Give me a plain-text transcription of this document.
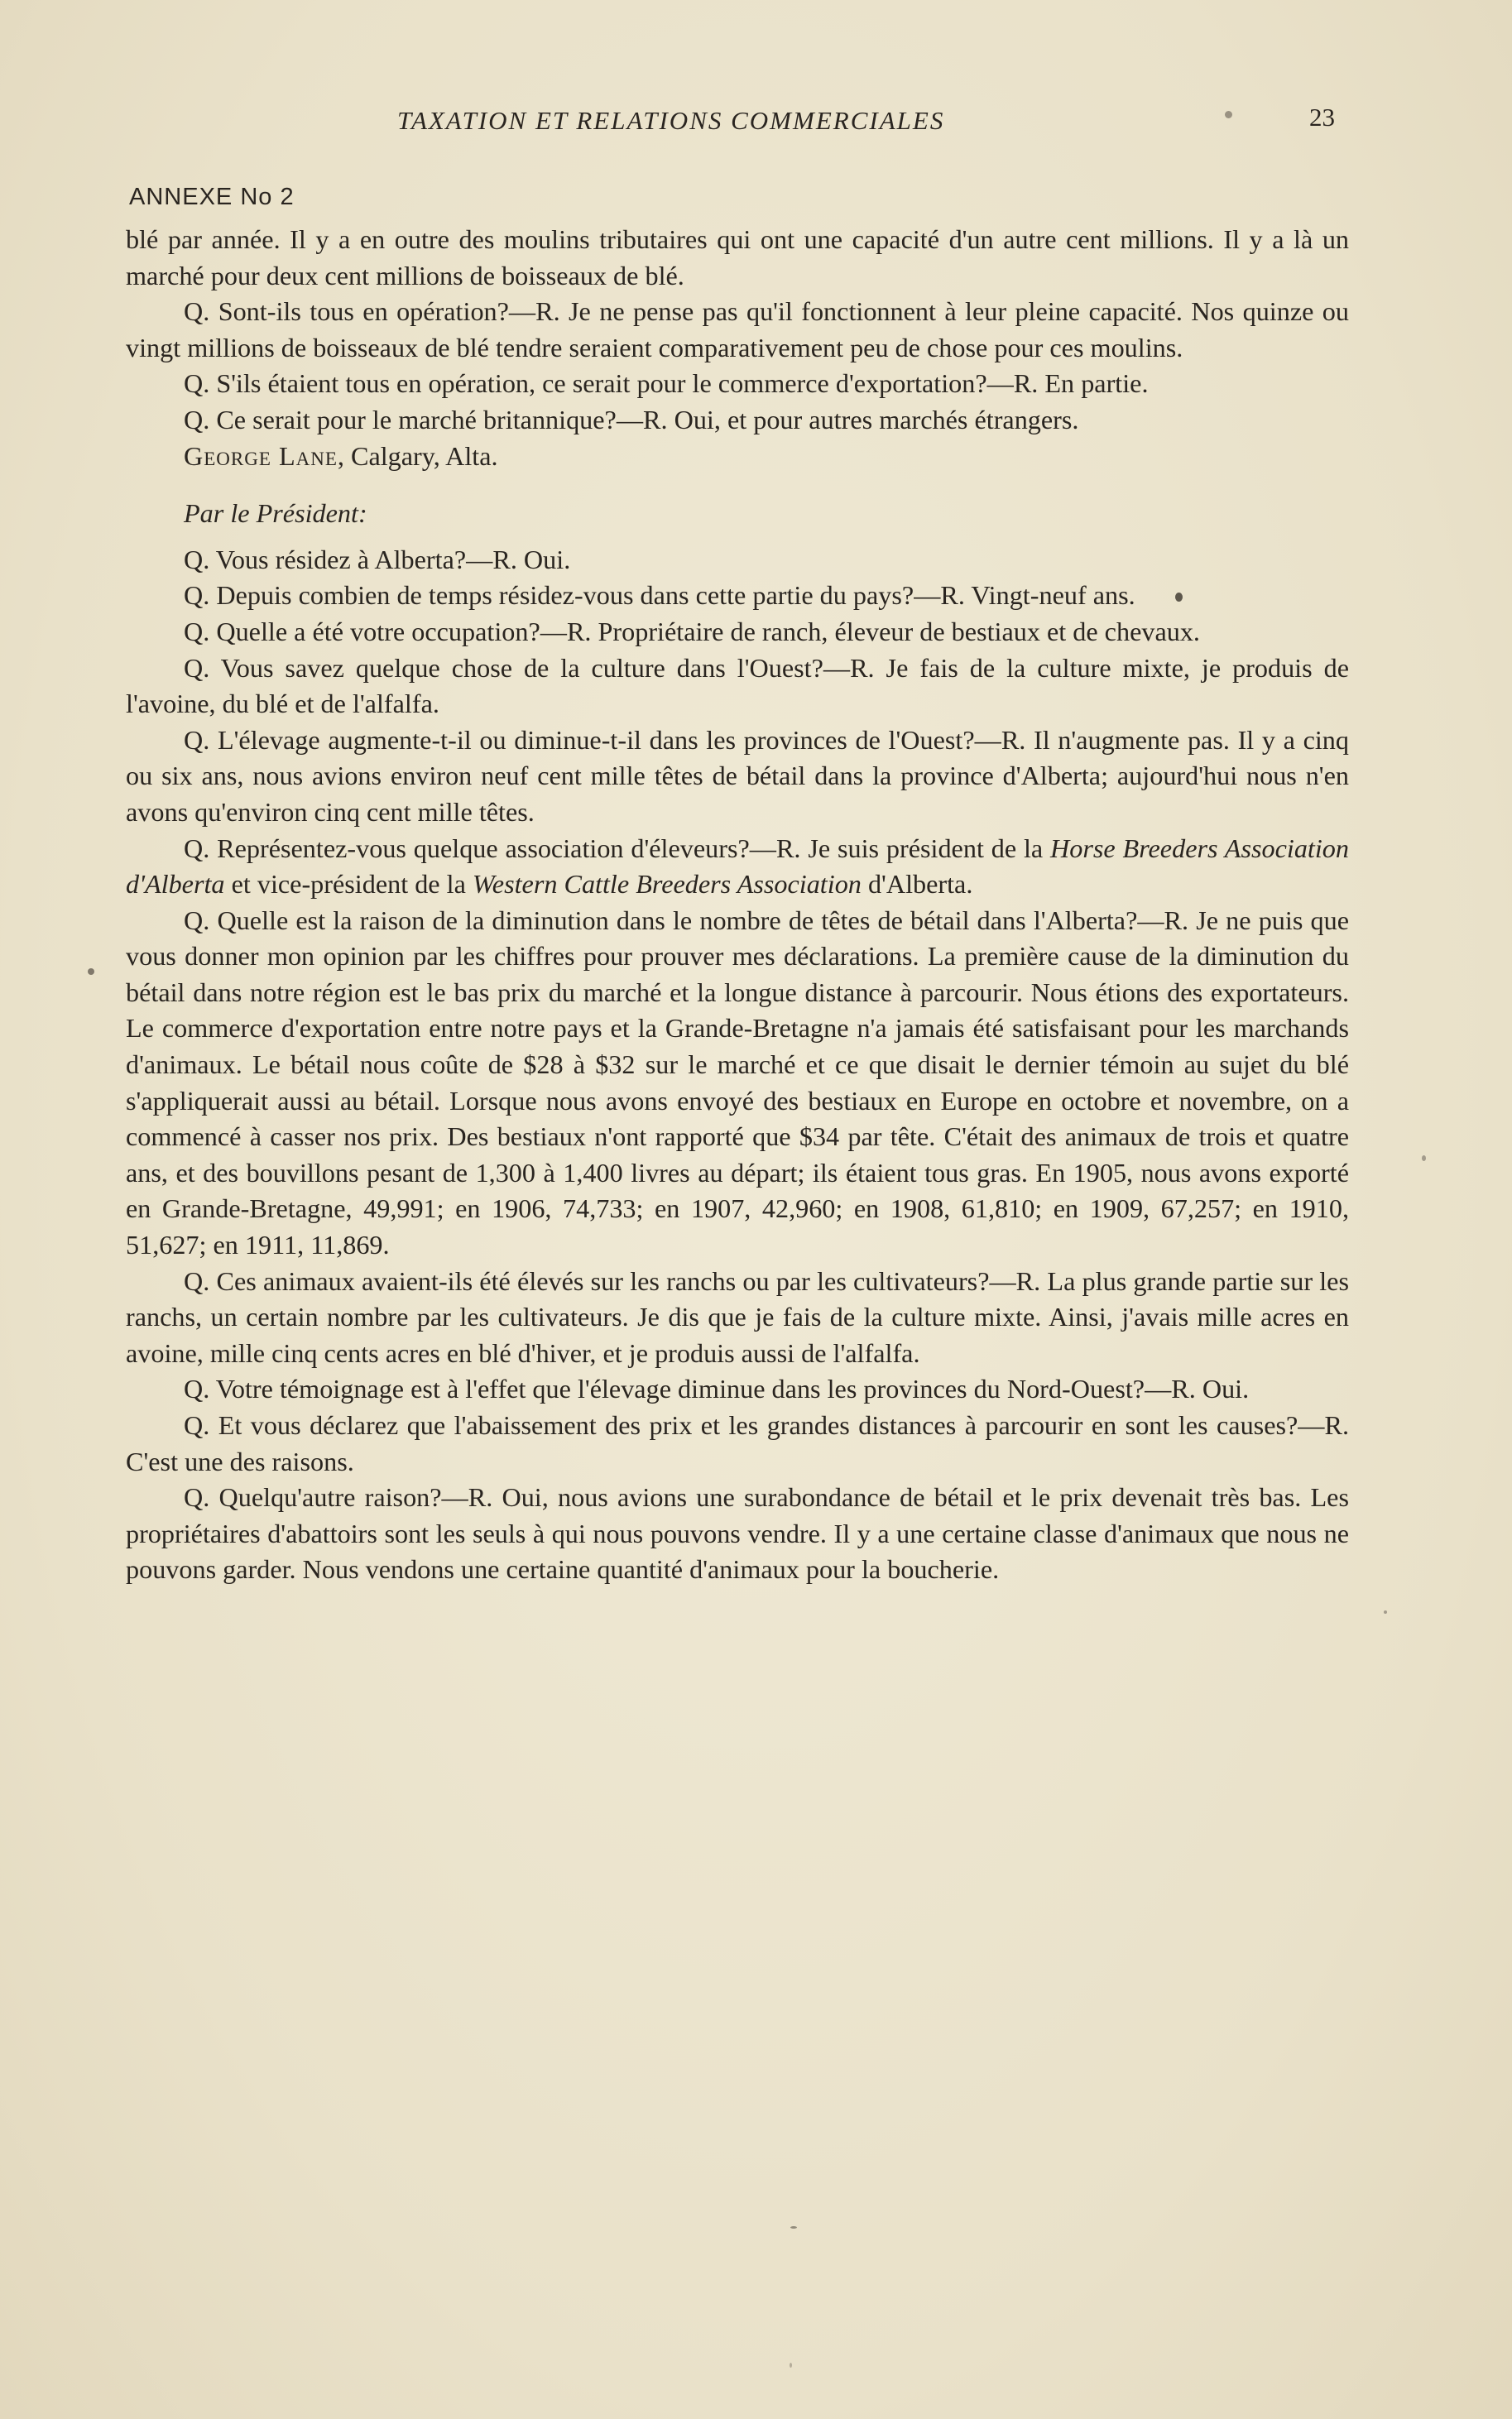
TAXATION ET RELATIONS COMMERCIALES	23
ANNEXE No 2

blé par année. Il y a en outre des moulins tributaires qui ont une capacité d'un autre cent millions. Il y a là un marché pour deux cent millions de boisseaux de blé.

Q. Sont-ils tous en opération?—R. Je ne pense pas qu'il fonctionnent à leur pleine capacité. Nos quinze ou vingt millions de boisseaux de blé tendre seraient comparativement peu de chose pour ces moulins.

Q. S'ils étaient tous en opération, ce serait pour le commerce d'exportation?—R. En partie.

Q. Ce serait pour le marché britannique?—R. Oui, et pour autres marchés étrangers.

George Lane, Calgary, Alta.

Par le Président:

Q. Vous résidez à Alberta?—R. Oui.

Q. Depuis combien de temps résidez-vous dans cette partie du pays?—R. Vingt-neuf ans.

Q. Quelle a été votre occupation?—R. Propriétaire de ranch, éleveur de bestiaux et de chevaux.

Q. Vous savez quelque chose de la culture dans l'Ouest?—R. Je fais de la culture mixte, je produis de l'avoine, du blé et de l'alfalfa.

Q. L'élevage augmente-t-il ou diminue-t-il dans les provinces de l'Ouest?—R. Il n'augmente pas. Il y a cinq ou six ans, nous avions environ neuf cent mille têtes de bétail dans la province d'Alberta; aujourd'hui nous n'en avons qu'environ cinq cent mille têtes.

Q. Représentez-vous quelque association d'éleveurs?—R. Je suis président de la Horse Breeders Association d'Alberta et vice-président de la Western Cattle Breeders Association d'Alberta.

Q. Quelle est la raison de la diminution dans le nombre de têtes de bétail dans l'Alberta?—R. Je ne puis que vous donner mon opinion par les chiffres pour prouver mes déclarations. La première cause de la diminution du bétail dans notre région est le bas prix du marché et la longue distance à parcourir. Nous étions des exportateurs. Le commerce d'exportation entre notre pays et la Grande-Bretagne n'a jamais été satisfaisant pour les marchands d'animaux. Le bétail nous coûte de $28 à $32 sur le marché et ce que disait le dernier témoin au sujet du blé s'appliquerait aussi au bétail. Lorsque nous avons envoyé des bestiaux en Europe en octobre et novembre, on a commencé à casser nos prix. Des bestiaux n'ont rapporté que $34 par tête. C'était des animaux de trois et quatre ans, et des bouvillons pesant de 1,300 à 1,400 livres au départ; ils étaient tous gras. En 1905, nous avons exporté en Grande-Bretagne, 49,991; en 1906, 74,733; en 1907, 42,960; en 1908, 61,810; en 1909, 67,257; en 1910, 51,627; en 1911, 11,869.

Q. Ces animaux avaient-ils été élevés sur les ranchs ou par les cultivateurs?—R. La plus grande partie sur les ranchs, un certain nombre par les cultivateurs. Je dis que je fais de la culture mixte. Ainsi, j'avais mille acres en avoine, mille cinq cents acres en blé d'hiver, et je produis aussi de l'alfalfa.

Q. Votre témoignage est à l'effet que l'élevage diminue dans les provinces du Nord-Ouest?—R. Oui.

Q. Et vous déclarez que l'abaissement des prix et les grandes distances à parcourir en sont les causes?—R. C'est une des raisons.

Q. Quelqu'autre raison?—R. Oui, nous avions une surabondance de bétail et le prix devenait très bas. Les propriétaires d'abattoirs sont les seuls à qui nous pouvons vendre. Il y a une certaine classe d'animaux que nous ne pouvons garder. Nous vendons une certaine quantité d'animaux pour la boucherie.
